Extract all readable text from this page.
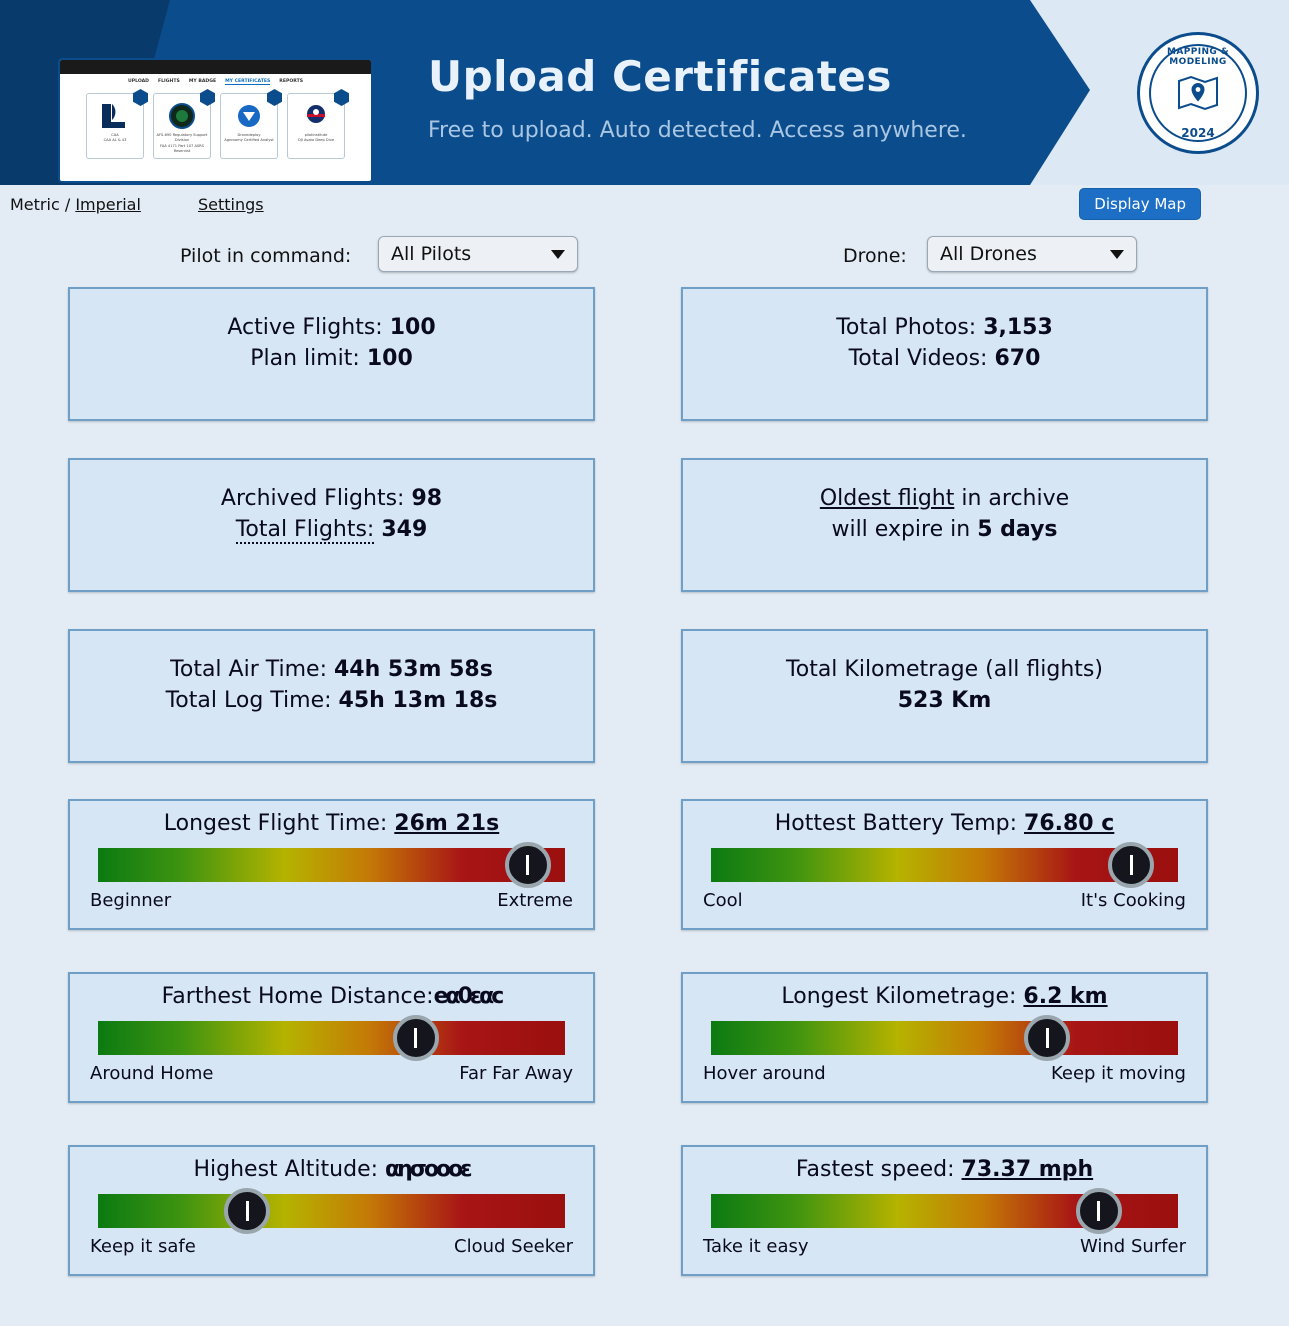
UPLOAD FLIGHTS MY BADGE MY CERTIFICATES REPORTS
CAA
CAA AL & 43
AFS-690 Regulatory Support Division
FAA 4171 Part 107 ASRS Reservist
Dronedeploy
Agronomy Certified Analyst
pilotinstitute
DJI Avata Deep Dive
Upload Certificates
Free to upload. Auto detected. Access anywhere.
MAPPING & MODELING
2024
Metric / Imperial	Settings	Display Map
Pilot in command: All Pilots	Drone: All Drones
Active Flights: 100
Plan limit: 100
Total Photos: 3,153
Total Videos: 670
Archived Flights: 98
Total Flights: 349
Oldest flight in archive
will expire in 5 days
Total Air Time: 44h 53m 58s
Total Log Time: 45h 13m 18s
Total Kilometrage (all flights)
523 Km
Longest Flight Time: 26m 21s
Beginner	Extreme
Hottest Battery Temp: 76.80 c
Cool	It's Cooking
Farthest Home Distance:eα0εαc
Around Home	Far Far Away
Longest Kilometrage: 6.2 km
Hover around	Keep it moving
Highest Altitude: αησοοοε
Keep it safe	Cloud Seeker
Fastest speed: 73.37 mph
Take it easy	Wind Surfer
